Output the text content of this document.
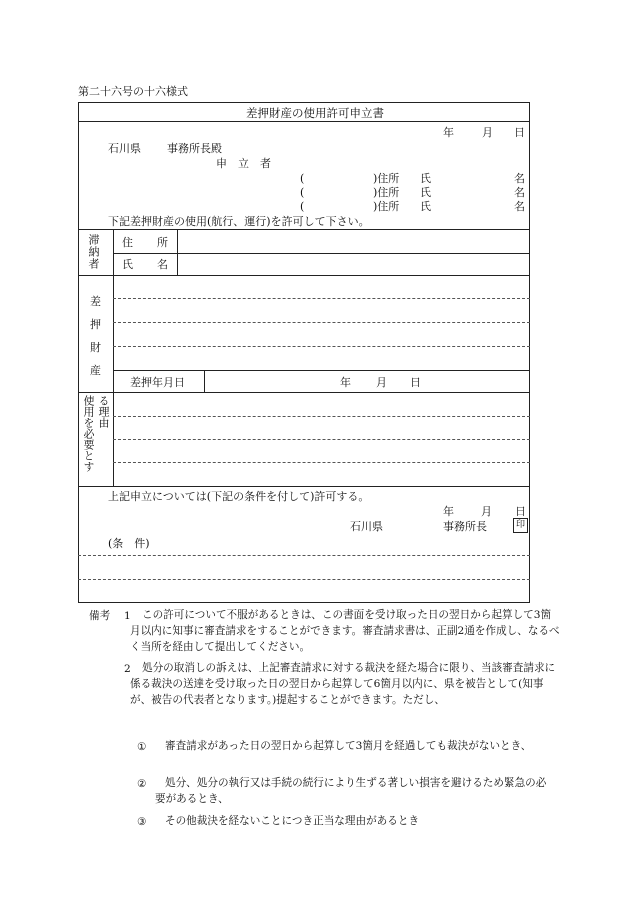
第二十六号の十六様式
差押財産の使用許可申立書
年	月 日
石川県 事務所長殿
申　立　者
(	)住所 氏	名
(	)住所 氏	名
(	)住所 氏	名
下記差押財産の使用(航行、運行)を許可して下さい。
滞納者 住 所
氏 名
差
押
財
産
差押年月日	年 月 日
使用を必要とす る理由
上記申立については(下記の条件を付して)許可する。
年 月 日
石川県	事務所長	印
(条　件)
備考 1	この許可について不服があるときは、この書面を受け取った日の翌日から起算して3箇月以内に知事に審査請求をすることができます。審査請求書は、正副2通を作成し、なるべく当所を経由して提出してください。
2	処分の取消しの訴えは、上記審査請求に対する裁決を経た場合に限り、当該審査請求に係る裁決の送達を受け取った日の翌日から起算して6箇月以内に、県を被告として(知事が、被告の代表者となります。)提起することができます。ただし、
①	審査請求があった日の翌日から起算して3箇月を経過しても裁決がないとき、
②	処分、処分の執行又は手続の続行により生ずる著しい損害を避けるため緊急の必要があるとき、
③	その他裁決を経ないことにつき正当な理由があるとき
